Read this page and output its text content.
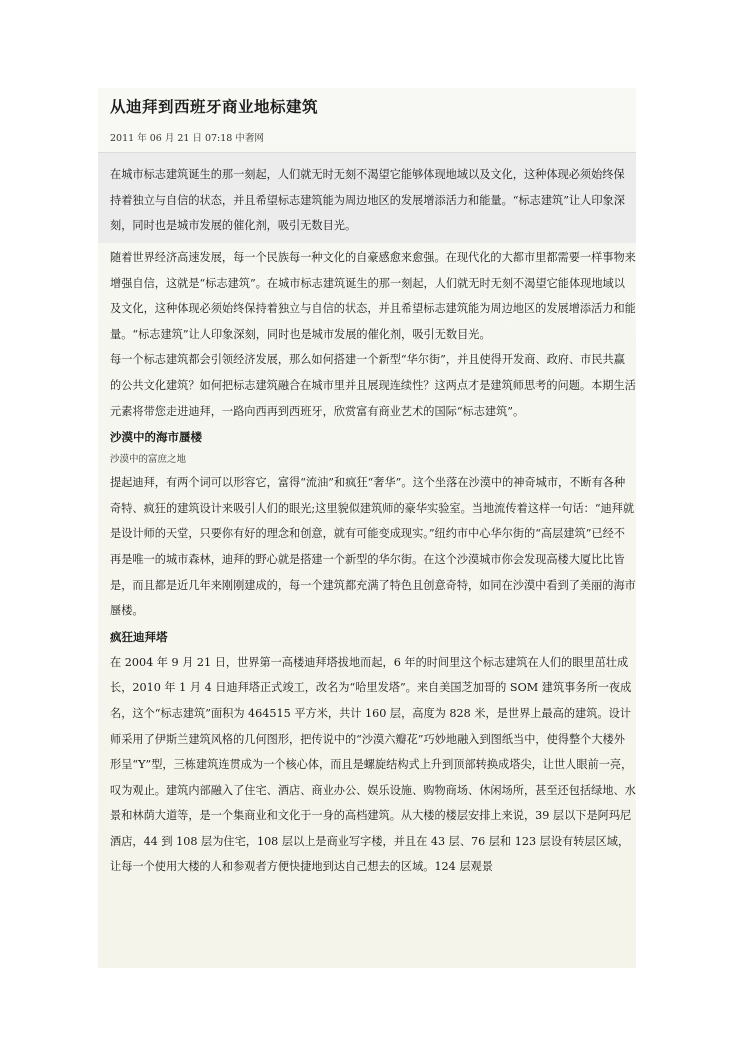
从迪拜到西班牙商业地标建筑
2011 年 06 月 21 日 07:18 中奢网

在城市标志建筑诞生的那一刻起，人们就无时无刻不渴望它能够体现地域以及文化，这种体现必须始终保持着独立与自信的状态，并且希望标志建筑能为周边地区的发展增添活力和能量。“标志建筑”让人印象深刻，同时也是城市发展的催化剂，吸引无数目光。

随着世界经济高速发展，每一个民族每一种文化的自豪感愈来愈强。在现代化的大都市里都需要一样事物来增强自信，这就是“标志建筑”。在城市标志建筑诞生的那一刻起，人们就无时无刻不渴望它能体现地域以及文化，这种体现必须始终保持着独立与自信的状态，并且希望标志建筑能为周边地区的发展增添活力和能量。“标志建筑”让人印象深刻，同时也是城市发展的催化剂，吸引无数目光。

每一个标志建筑都会引领经济发展，那么如何搭建一个新型“华尔街”，并且使得开发商、政府、市民共赢的公共文化建筑？如何把标志建筑融合在城市里并且展现连续性？这两点才是建筑师思考的问题。本期生活元素将带您走进迪拜，一路向西再到西班牙，欣赏富有商业艺术的国际“标志建筑”。

沙漠中的海市蜃楼

沙漠中的富庶之地

提起迪拜，有两个词可以形容它，富得“流油”和疯狂“奢华”。这个坐落在沙漠中的神奇城市，不断有各种奇特、疯狂的建筑设计来吸引人们的眼光;这里貌似建筑师的豪华实验室。当地流传着这样一句话：“迪拜就是设计师的天堂，只要你有好的理念和创意，就有可能变成现实。”纽约市中心华尔街的“高层建筑”已经不再是唯一的城市森林，迪拜的野心就是搭建一个新型的华尔街。在这个沙漠城市你会发现高楼大厦比比皆是，而且都是近几年来刚刚建成的，每一个建筑都充满了特色且创意奇特，如同在沙漠中看到了美丽的海市蜃楼。

疯狂迪拜塔

在 2004 年 9 月 21 日，世界第一高楼迪拜塔拔地而起，6 年的时间里这个标志建筑在人们的眼里茁壮成长，2010 年 1 月 4 日迪拜塔正式竣工，改名为“哈里发塔”。来自美国芝加哥的 SOM 建筑事务所一夜成名，这个“标志建筑”面积为 464515 平方米，共计 160 层，高度为 828 米，是世界上最高的建筑。设计师采用了伊斯兰建筑风格的几何图形，把传说中的“沙漠六瓣花”巧妙地融入到图纸当中，使得整个大楼外形呈“Y”型，三栋建筑连贯成为一个核心体，而且是螺旋结构式上升到顶部转换成塔尖，让世人眼前一亮，叹为观止。建筑内部融入了住宅、酒店、商业办公、娱乐设施、购物商场、休闲场所，甚至还包括绿地、水景和林荫大道等，是一个集商业和文化于一身的高档建筑。从大楼的楼层安排上来说，39 层以下是阿玛尼酒店，44 到 108 层为住宅，108 层以上是商业写字楼，并且在 43 层、76 层和 123 层设有转层区域，让每一个使用大楼的人和参观者方便快捷地到达自己想去的区域。124 层观景
